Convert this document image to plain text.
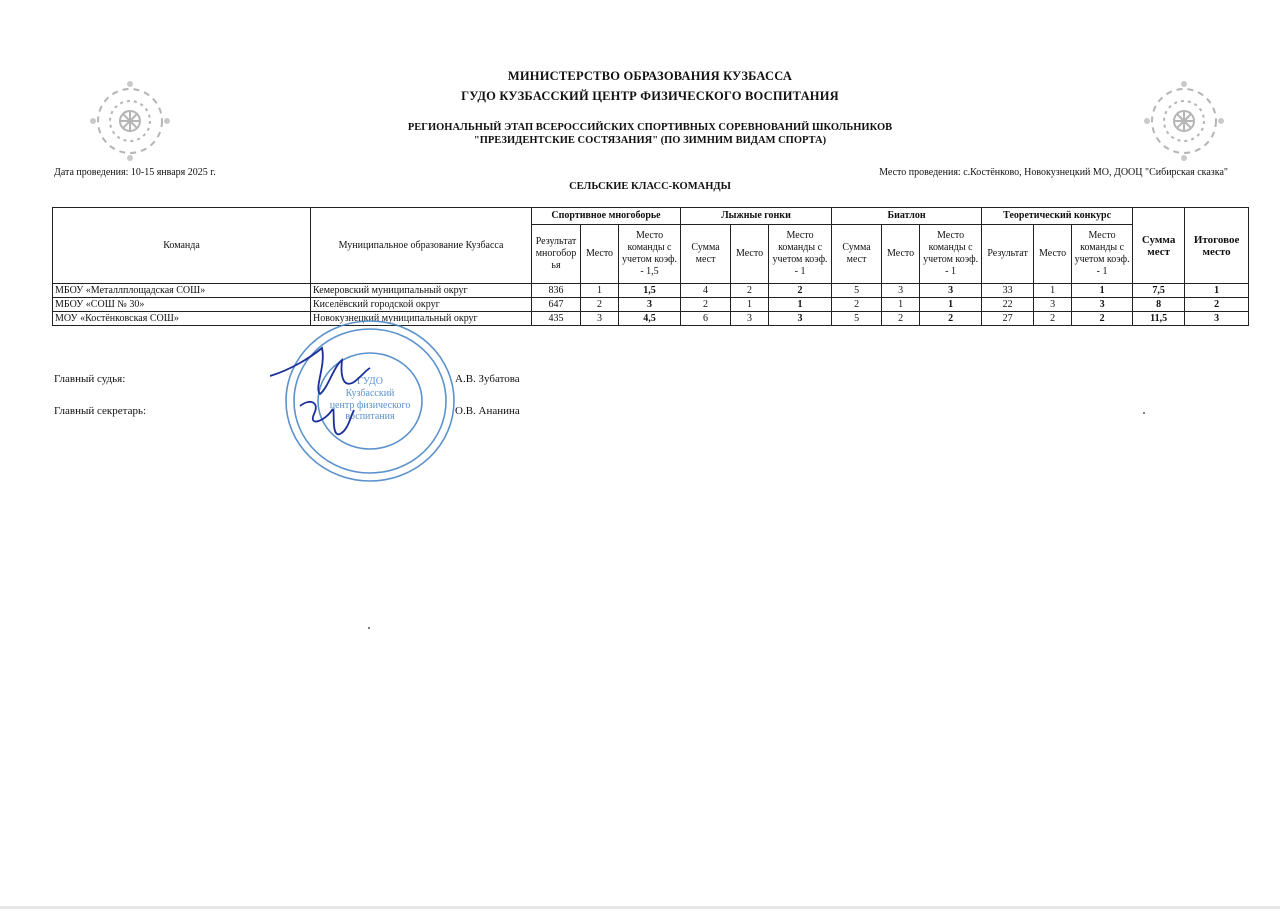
МИНИСТЕРСТВО ОБРАЗОВАНИЯ КУЗБАССА
ГУДО КУЗБАССКИЙ ЦЕНТР ФИЗИЧЕСКОГО ВОСПИТАНИЯ
РЕГИОНАЛЬНЫЙ ЭТАП ВСЕРОССИЙСКИХ СПОРТИВНЫХ СОРЕВНОВАНИЙ ШКОЛЬНИКОВ
"ПРЕЗИДЕНТСКИЕ СОСТЯЗАНИЯ" (ПО ЗИМНИМ ВИДАМ СПОРТА)
Дата проведения: 10-15 января 2025 г.	Место проведения: с.Костёнково, Новокузнецкий МО, ДООЦ "Сибирская сказка"
СЕЛЬСКИЕ КЛАСС-КОМАНДЫ
Команда	Муниципальное образование Кузбасса	Спортивное многоборье			Лыжные гонки			Биатлон			Теоретический конкурс			Сумма мест	Итоговое место
		Результат многобор ья	Место	Место команды с учетом коэф. - 1,5	Сумма мест	Место	Место команды с учетом коэф. - 1	Сумма мест	Место	Место команды с учетом коэф. - 1	Результат	Место	Место команды с учетом коэф. - 1		
МБОУ «Металлплощадская СОШ»	Кемеровский муниципальный округ	836	1	1,5	4	2	2	5	3	3	33	1	1	7,5	1
МБОУ «СОШ № 30»	Киселёвский городской округ	647	2	3	2	1	1	2	1	1	22	3	3	8	2
МОУ «Костёнковская СОШ»	Новокузнецкий муниципальный округ	435	3	4,5	6	3	3	5	2	2	27	2	2	11,5	3
Главный судья:	А.В. Зубатова
Главный секретарь:	О.В. Ананина
ГУДО
Кузбасский
центр физического
воспитания
